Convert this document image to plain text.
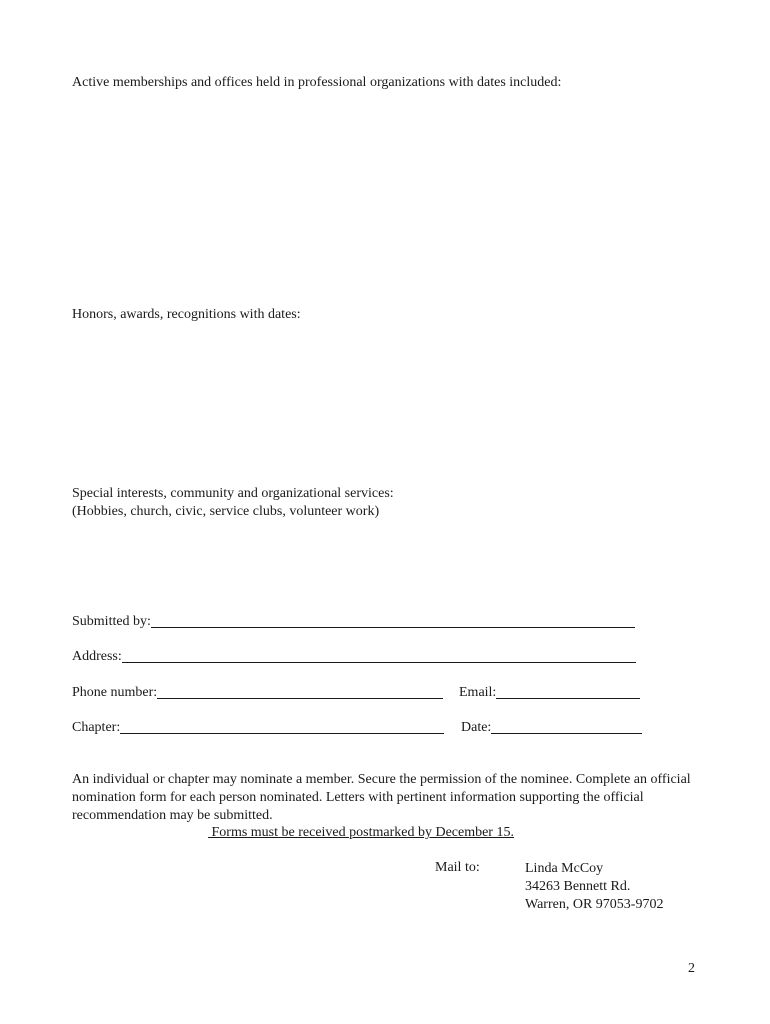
Active memberships and offices held in professional organizations with dates included:
Honors, awards, recognitions with dates:
Special interests, community and organizational services:
(Hobbies, church, civic, service clubs, volunteer work)
Submitted by:
Address:
Phone number:	Email:
Chapter:	Date:
An individual or chapter may nominate a member. Secure the permission of the nominee. Complete an official nomination form for each person nominated. Letters with pertinent information supporting the official recommendation may be submitted.
Forms must be received postmarked by December 15.
Mail to:	Linda McCoy
34263 Bennett Rd.
Warren, OR 97053-9702
2
